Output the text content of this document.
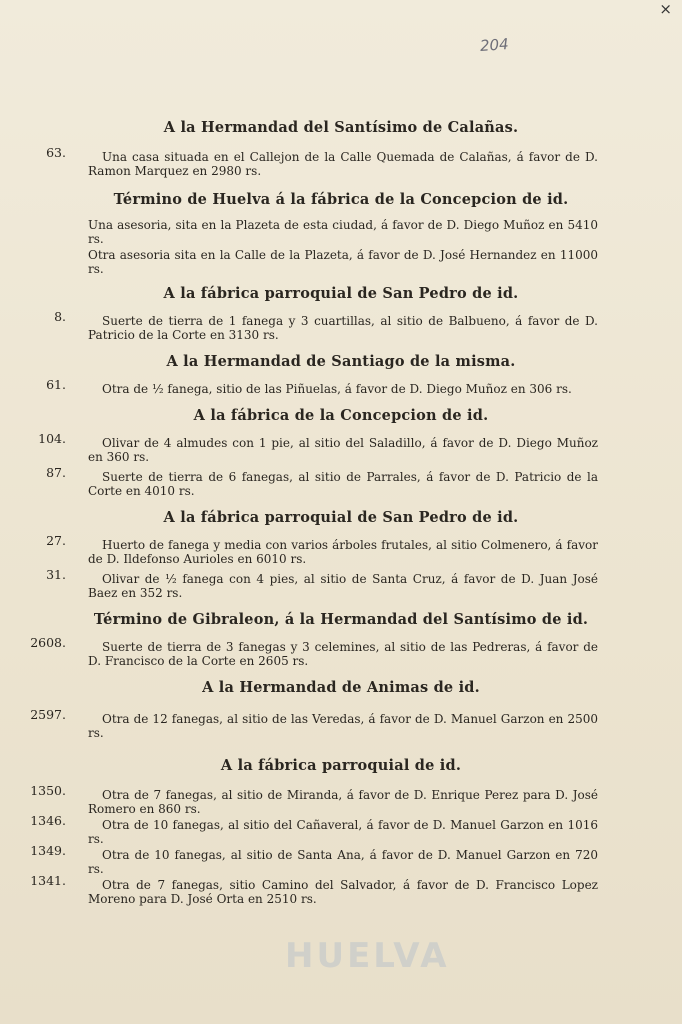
×
204
A la Hermandad del Santísimo de Calañas.
63.	Una casa situada en el Callejon de la Calle Quemada de Calañas, á favor de D. Ramon Marquez en 2980 rs.
Término de Huelva á la fábrica de la Concepcion de id.
Una asesoria, sita en la Plazeta de esta ciudad, á favor de D. Diego Muñoz en 5410 rs.
Otra asesoria sita en la Calle de la Plazeta, á favor de D. José Hernandez en 11000 rs.
A la fábrica parroquial de San Pedro de id.
8.	Suerte de tierra de 1 fanega y 3 cuartillas, al sitio de Balbueno, á favor de D. Patricio de la Corte en 3130 rs.
A la Hermandad de Santiago de la misma.
61.	Otra de ½ fanega, sitio de las Piñuelas, á favor de D. Diego Muñoz en 306 rs.
A la fábrica de la Concepcion de id.
104.	Olivar de 4 almudes con 1 pie, al sitio del Saladillo, á favor de D. Diego Muñoz en 360 rs.
87.	Suerte de tierra de 6 fanegas, al sitio de Parrales, á favor de D. Patricio de la Corte en 4010 rs.
A la fábrica parroquial de San Pedro de id.
27.	Huerto de fanega y media con varios árboles frutales, al sitio Colmenero, á favor de D. Ildefonso Aurioles en 6010 rs.
31.	Olivar de ½ fanega con 4 pies, al sitio de Santa Cruz, á favor de D. Juan José Baez en 352 rs.
Término de Gibraleon, á la Hermandad del Santísimo de id.
2608.	Suerte de tierra de 3 fanegas y 3 celemines, al sitio de las Pedreras, á favor de D. Francisco de la Corte en 2605 rs.
A la Hermandad de Animas de id.
2597.	Otra de 12 fanegas, al sitio de las Veredas, á favor de D. Manuel Garzon en 2500 rs.
A la fábrica parroquial de id.
1350.	Otra de 7 fanegas, al sitio de Miranda, á favor de D. Enrique Perez para D. José Romero en 860 rs.
1346.	Otra de 10 fanegas, al sitio del Cañaveral, á favor de D. Manuel Garzon en 1016 rs.
1349.	Otra de 10 fanegas, al sitio de Santa Ana, á favor de D. Manuel Garzon en 720 rs.
1341.	Otra de 7 fanegas, sitio Camino del Salvador, á favor de D. Francisco Lopez Moreno para D. José Orta en 2510 rs.
HUELVA
